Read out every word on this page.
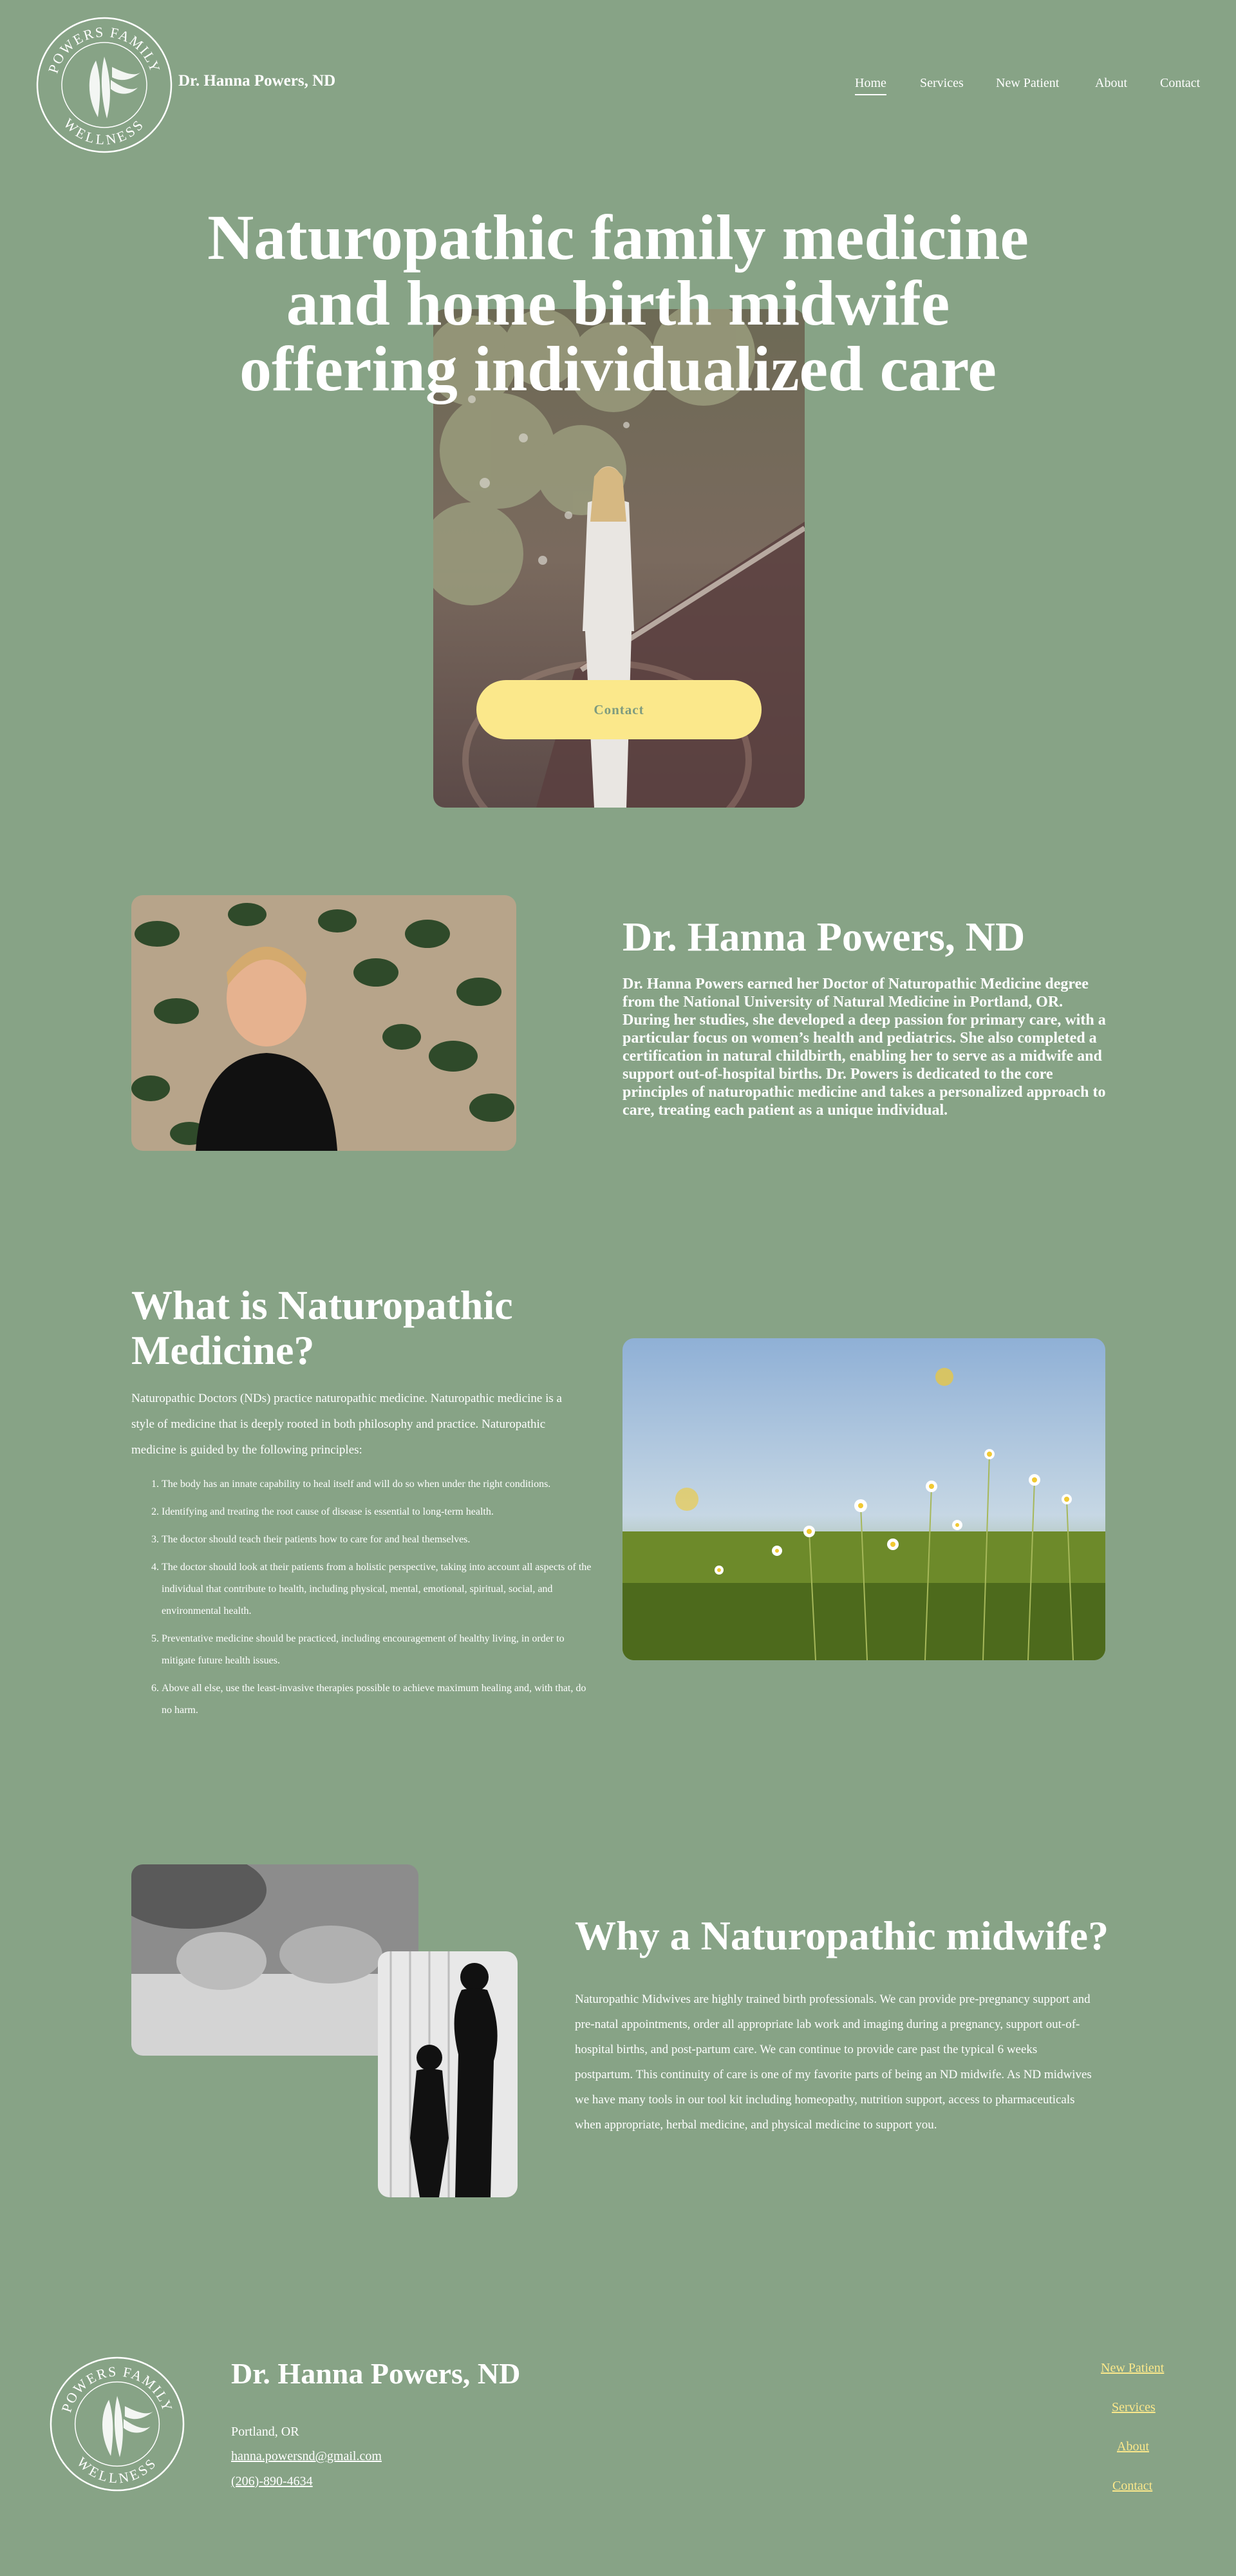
POWERS FAMILY
WELLNESS
Dr. Hanna Powers, ND	Home	Services	New Patient	About	Contact
Naturopathic family medicine
and home birth midwife
offering individualized care
Contact
Dr. Hanna Powers, ND

Dr. Hanna Powers earned her Doctor of Naturopathic Medicine degree from the National University of Natural Medicine in Portland, OR. During her studies, she developed a deep passion for primary care, with a particular focus on women’s health and pediatrics. She also completed a certification in natural childbirth, enabling her to serve as a midwife and support out-of-hospital births. Dr. Powers is dedicated to the core principles of naturopathic medicine and takes a personalized approach to care, treating each patient as a unique individual.

What is Naturopathic Medicine?

Naturopathic Doctors (NDs) practice naturopathic medicine. Naturopathic medicine is a style of medicine that is deeply rooted in both philosophy and practice. Naturopathic medicine is guided by the following principles:

1. The body has an innate capability to heal itself and will do so when under the right conditions.
2. Identifying and treating the root cause of disease is essential to long-term health.
3. The doctor should teach their patients how to care for and heal themselves.
4. The doctor should look at their patients from a holistic perspective, taking into account all aspects of the individual that contribute to health, including physical, mental, emotional, spiritual, social, and environmental health.
5. Preventative medicine should be practiced, including encouragement of healthy living, in order to mitigate future health issues.
6. Above all else, use the least-invasive therapies possible to achieve maximum healing and, with that, do no harm.
Why a Naturopathic midwife?

Naturopathic Midwives are highly trained birth professionals. We can provide pre-pregnancy support and pre-natal appointments, order all appropriate lab work and imaging during a pregnancy, support out-of-hospital births, and post-partum care. We can continue to provide care past the typical 6 weeks postpartum. This continuity of care is one of my favorite parts of being an ND midwife. As ND midwives we have many tools in our tool kit including homeopathy, nutrition support, access to pharmaceuticals when appropriate, herbal medicine, and physical medicine to support you.

POWERS FAMILY
WELLNESS
Dr. Hanna Powers, ND
Portland, OR
hanna.powersnd@gmail.com
(206)-890-4634
New Patient
Services
About
Contact
